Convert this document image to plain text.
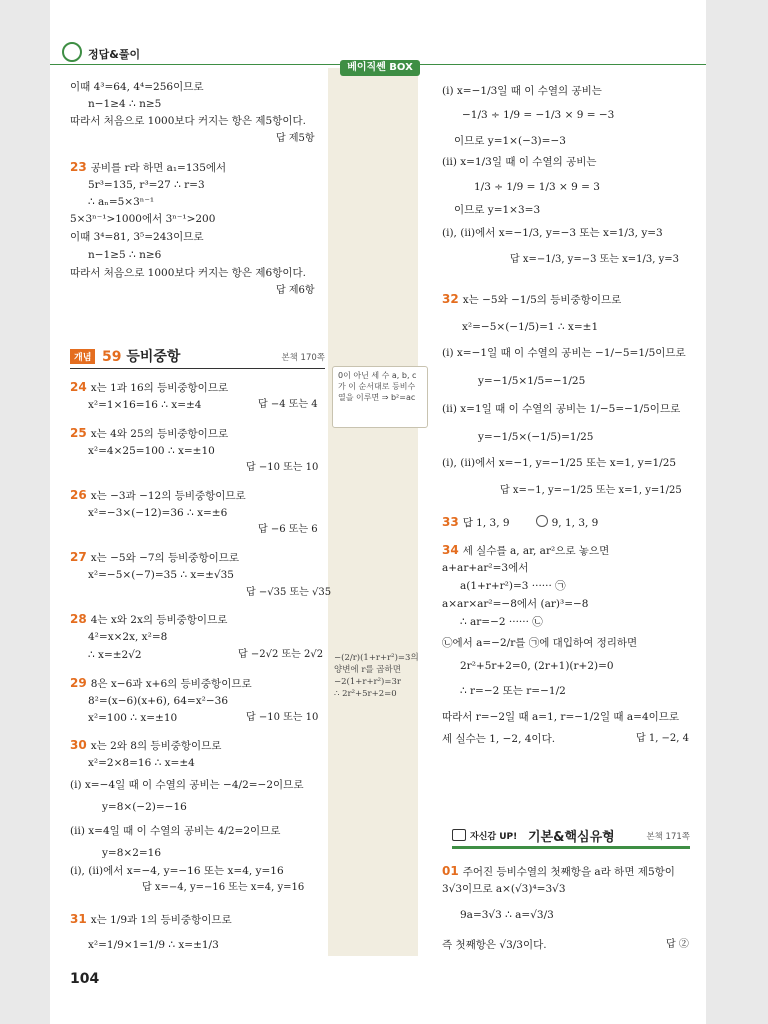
정답&풀이
베이직쎈 BOX
0이 아닌 세 수 a, b, c가 이 순서대로 등비수열을 이루면 ⇒ b²=ac
−(2/r)(1+r+r²)=3의
양변에 r를 곱하면
−2(1+r+r²)=3r
∴ 2r²+5r+2=0
이때 4³=64, 4⁴=256이므로
n−1≥4 ∴ n≥5
따라서 처음으로 1000보다 커지는 항은 제5항이다.
답 제5항
23 공비를 r라 하면 a₁=135에서
5r³=135, r³=27 ∴ r=3
∴ aₙ=5×3ⁿ⁻¹
5×3ⁿ⁻¹>1000에서 3ⁿ⁻¹>200
이때 3⁴=81, 3⁵=243이므로
n−1≥5 ∴ n≥6
따라서 처음으로 1000보다 커지는 항은 제6항이다.
답 제6항
개념 59 등비중항	본책 170쪽
24 x는 1과 16의 등비중항이므로
x²=1×16=16 ∴ x=±4	답 −4 또는 4
25 x는 4와 25의 등비중항이므로
x²=4×25=100 ∴ x=±10
답 −10 또는 10
26 x는 −3과 −12의 등비중항이므로
x²=−3×(−12)=36 ∴ x=±6
답 −6 또는 6
27 x는 −5와 −7의 등비중항이므로
x²=−5×(−7)=35 ∴ x=±√35
답 −√35 또는 √35
28 4는 x와 2x의 등비중항이므로
4²=x×2x, x²=8
∴ x=±2√2	답 −2√2 또는 2√2
29 8은 x−6과 x+6의 등비중항이므로
8²=(x−6)(x+6), 64=x²−36
x²=100 ∴ x=±10	답 −10 또는 10
30 x는 2와 8의 등비중항이므로
x²=2×8=16 ∴ x=±4
(ⅰ) x=−4일 때 이 수열의 공비는 −4/2=−2이므로
y=8×(−2)=−16
(ⅱ) x=4일 때 이 수열의 공비는 4/2=2이므로
y=8×2=16
(ⅰ), (ⅱ)에서 x=−4, y=−16 또는 x=4, y=16
답 x=−4, y=−16 또는 x=4, y=16
31 x는 1/9과 1의 등비중항이므로
x²=1/9×1=1/9 ∴ x=±1/3
104
(ⅰ) x=−1/3일 때 이 수열의 공비는
−1/3 ÷ 1/9 = −1/3 × 9 = −3
이므로 y=1×(−3)=−3
(ⅱ) x=1/3일 때 이 수열의 공비는
1/3 ÷ 1/9 = 1/3 × 9 = 3
이므로 y=1×3=3
(ⅰ), (ⅱ)에서 x=−1/3, y=−3 또는 x=1/3, y=3
답 x=−1/3, y=−3 또는 x=1/3, y=3
32 x는 −5와 −1/5의 등비중항이므로
x²=−5×(−1/5)=1 ∴ x=±1
(ⅰ) x=−1일 때 이 수열의 공비는 −1/−5=1/5이므로
y=−1/5×1/5=−1/25
(ⅱ) x=1일 때 이 수열의 공비는 1/−5=−1/5이므로
y=−1/5×(−1/5)=1/25
(ⅰ), (ⅱ)에서 x=−1, y=−1/25 또는 x=1, y=1/25
답 x=−1, y=−1/25 또는 x=1, y=1/25
33 답 1, 3, 9	9, 1, 3, 9
34 세 실수를 a, ar, ar²으로 놓으면
a+ar+ar²=3에서
a(1+r+r²)=3 ······ ㉠
a×ar×ar²=−8에서 (ar)³=−8
∴ ar=−2 ······ ㉡
㉡에서 a=−2/r를 ㉠에 대입하여 정리하면
2r²+5r+2=0, (2r+1)(r+2)=0
∴ r=−2 또는 r=−1/2
따라서 r=−2일 때 a=1, r=−1/2일 때 a=4이므로
세 실수는 1, −2, 4이다.	답 1, −2, 4
자신감 UP! 기본&핵심유형	본책 171쪽
01 주어진 등비수열의 첫째항을 a라 하면 제5항이
3√3이므로 a×(√3)⁴=3√3
9a=3√3 ∴ a=√3/3
즉 첫째항은 √3/3이다.	답 ②
